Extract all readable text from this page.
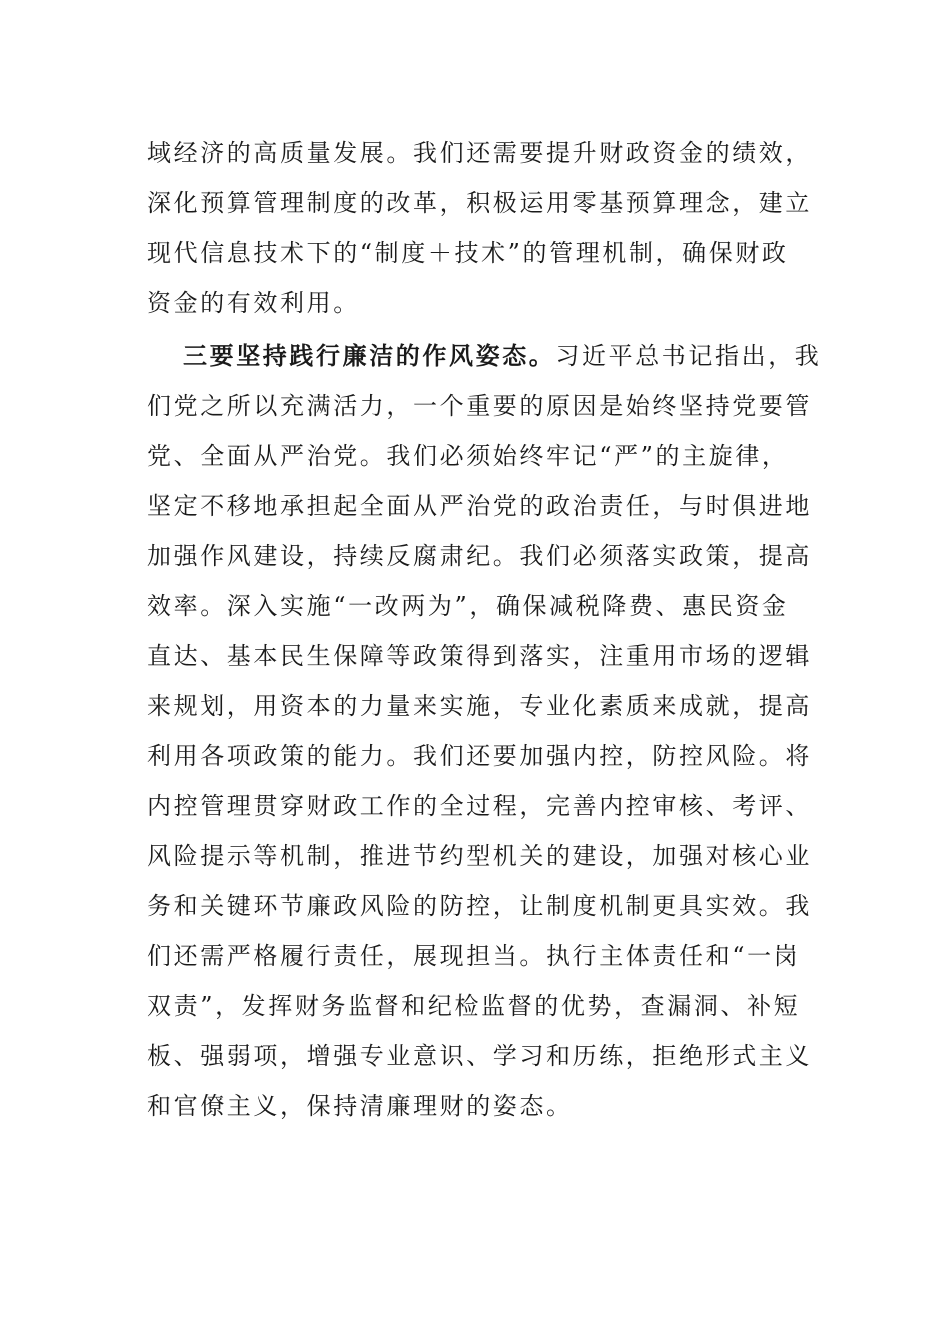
域经济的高质量发展。我们还需要提升财政资金的绩效，
深化预算管理制度的改革，积极运用零基预算理念，建立
现代信息技术下的“制度＋技术”的管理机制，确保财政
资金的有效利用。
三要坚持践行廉洁的作风姿态。习近平总书记指出，我
们党之所以充满活力，一个重要的原因是始终坚持党要管
党、全面从严治党。我们必须始终牢记“严”的主旋律，
坚定不移地承担起全面从严治党的政治责任，与时俱进地
加强作风建设，持续反腐肃纪。我们必须落实政策，提高
效率。深入实施“一改两为”，确保减税降费、惠民资金
直达、基本民生保障等政策得到落实，注重用市场的逻辑
来规划，用资本的力量来实施，专业化素质来成就，提高
利用各项政策的能力。我们还要加强内控，防控风险。将
内控管理贯穿财政工作的全过程，完善内控审核、考评、
风险提示等机制，推进节约型机关的建设，加强对核心业
务和关键环节廉政风险的防控，让制度机制更具实效。我
们还需严格履行责任，展现担当。执行主体责任和“一岗
双责”，发挥财务监督和纪检监督的优势，查漏洞、补短
板、强弱项，增强专业意识、学习和历练，拒绝形式主义
和官僚主义，保持清廉理财的姿态。
